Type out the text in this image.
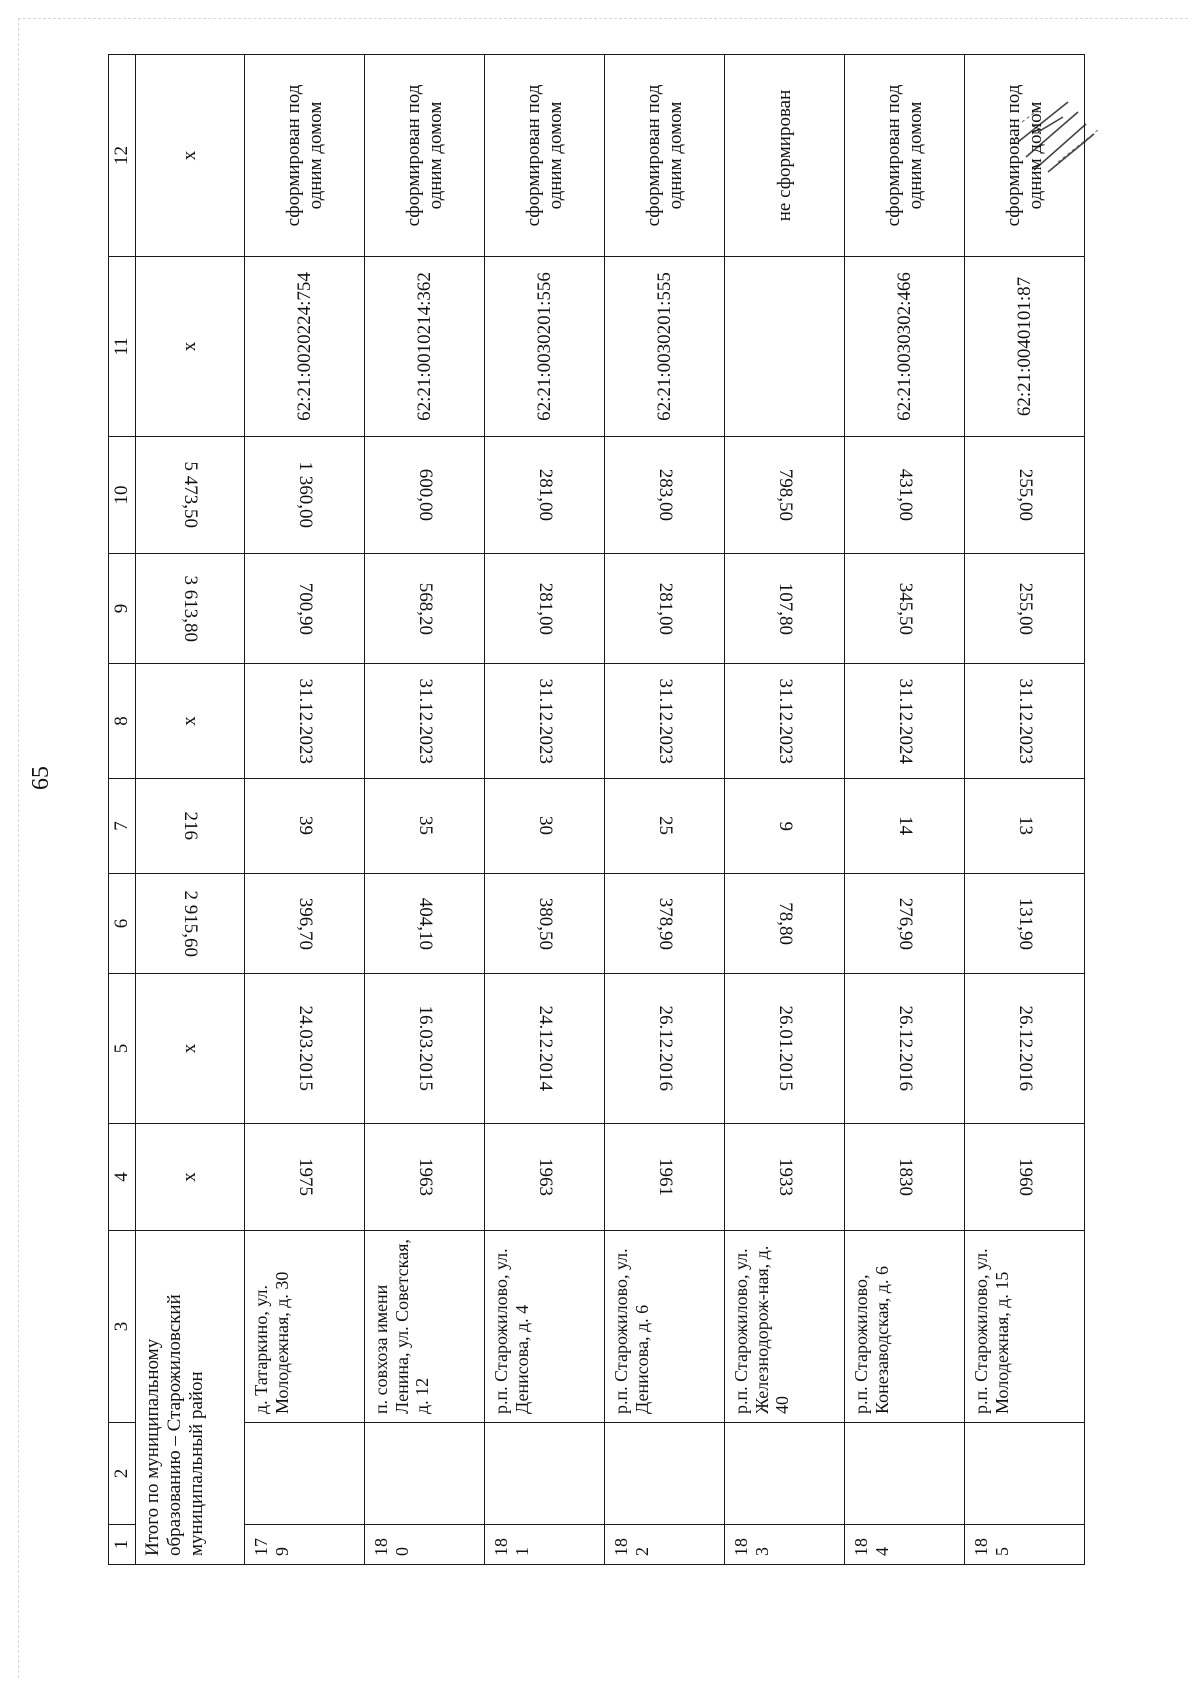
65
1	2	3	4	5	6	7	8	9	10	11	12
Итого по муниципальному образованию – Старожиловский муниципальный район			х	х	2 915,60	216	х	3 613,80	5 473,50	х	х
179		д. Татаркино, ул. Молодежная, д. 30	1975	24.03.2015	396,70	39	31.12.2023	700,90	1 360,00	62:21:0020224:754	сформирован под одним домом
180		п. совхоза имени Ленина, ул. Советская, д. 12	1963	16.03.2015	404,10	35	31.12.2023	568,20	600,00	62:21:0010214:362	сформирован под одним домом
181		р.п. Старожилово, ул. Денисова, д. 4	1963	24.12.2014	380,50	30	31.12.2023	281,00	281,00	62:21:0030201:556	сформирован под одним домом
182		р.п. Старожилово, ул. Денисова, д. 6	1961	26.12.2016	378,90	25	31.12.2023	281,00	283,00	62:21:0030201:555	сформирован под одним домом
183		р.п. Старожилово, ул. Железнодорож-ная, д. 40	1933	26.01.2015	78,80	9	31.12.2023	107,80	798,50		не сформирован
184		р.п. Старожилово, Конезаводская, д. 6	1830	26.12.2016	276,90	14	31.12.2024	345,50	431,00	62:21:0030302:466	сформирован под одним домом
185		р.п. Старожилово, ул. Молодежная, д. 15	1960	26.12.2016	131,90	13	31.12.2023	255,00	255,00	62:21:0040101:87	сформирован под одним домом
